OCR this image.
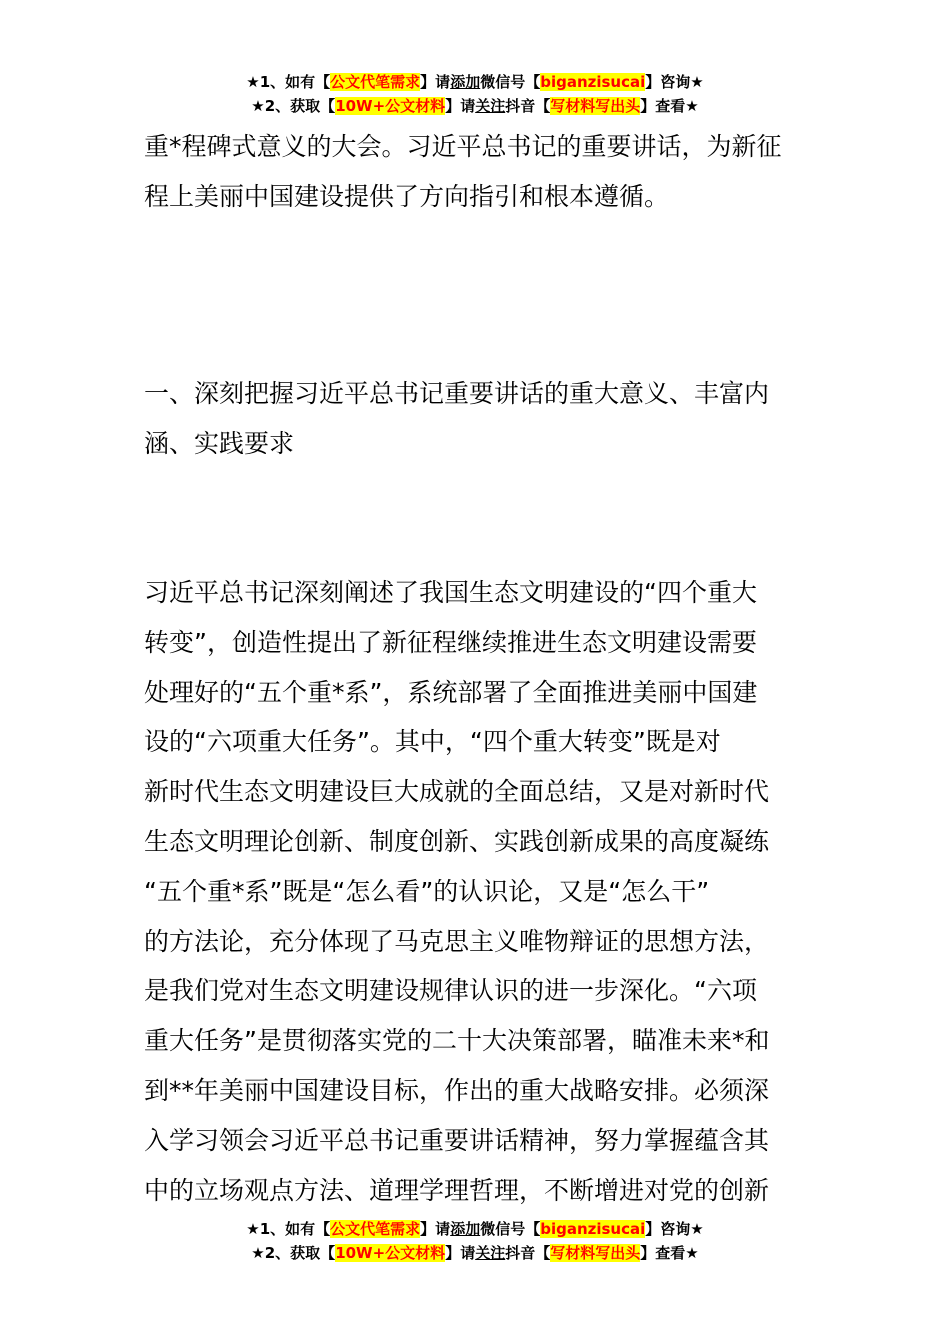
★1、如有【公文代笔需求】请添加微信号【biganzisucai】咨询★
★2、获取【10W+公文材料】请关注抖音【写材料写出头】查看★
重*程碑式意义的大会。习近平总书记的重要讲话，为新征
程上美丽中国建设提供了方向指引和根本遵循。
一、深刻把握习近平总书记重要讲话的重大意义、丰富内
涵、实践要求
习近平总书记深刻阐述了我国生态文明建设的“四个重大
转变”，创造性提出了新征程继续推进生态文明建设需要
处理好的“五个重*系”，系统部署了全面推进美丽中国建
设的“六项重大任务”。其中，“四个重大转变”既是对
新时代生态文明建设巨大成就的全面总结，又是对新时代
生态文明理论创新、制度创新、实践创新成果的高度凝练
“五个重*系”既是“怎么看”的认识论，又是“怎么干”
的方法论，充分体现了马克思主义唯物辩证的思想方法，
是我们党对生态文明建设规律认识的进一步深化。“六项
重大任务”是贯彻落实党的二十大决策部署，瞄准未来*和
到**年美丽中国建设目标，作出的重大战略安排。必须深
入学习领会习近平总书记重要讲话精神，努力掌握蕴含其
中的立场观点方法、道理学理哲理，不断增进对党的创新
★1、如有【公文代笔需求】请添加微信号【biganzisucai】咨询★
★2、获取【10W+公文材料】请关注抖音【写材料写出头】查看★
